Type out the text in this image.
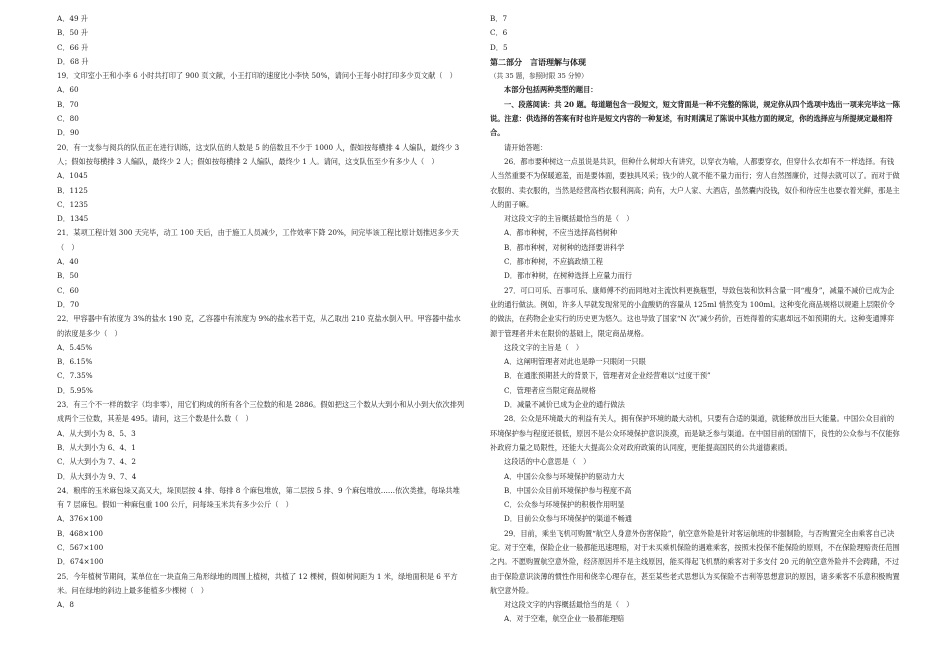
A．49 升
B．50 升
C．66 升
D．68 升
19．文印室小王和小李 6 小时共打印了 900 页文献，小王打印的速度比小李快 50%，请问小王每小时打印多少页文献（　）
A．60
B．70
C．80
D．90
20．有一支参与阅兵的队伍正在进行训练，这支队伍的人数是 5 的倍数且不少于 1000 人，假如按每横排 4 人编队，最终少 3 人；假如按每横排 3 人编队，最终少 2 人；假如按每横排 2 人编队，最终少 1 人。请问，这支队伍至少有多少人（　）
A．1045
B．1125
C．1235
D．1345
21．某项工程计划 300 天完毕，动工 100 天后，由于施工人员减少，工作效率下降 20%，问完毕该工程比原计划推迟多少天（　）
A．40
B．50
C．60
D．70
22．甲容器中有浓度为 3%的盐水 190 克，乙容器中有浓度为 9%的盐水若干克，从乙取出 210 克盐水倒入甲。甲容器中盐水的浓度是多少（　）
A．5.45%
B．6.15%
C．7.35%
D．5.95%
23．有三个不一样的数字（均非零），用它们构成的所有各个三位数的和是 2886。假如把这三个数从大到小和从小到大依次排列成两个三位数，其差是 495。请问，这三个数是什么数（　）
A．从大到小为 8、5、3
B．从大到小为 6、4、1
C．从大到小为 7、4、2
D．从大到小为 9、7、4
24．粮库的玉米麻包垛又高又大，垛顶层按 4 排、每排 8 个麻包堆放，第二层按 5 排、9 个麻包堆放……依次类推，每垛共堆有 7 层麻包。假如一种麻包重 100 公斤，问每垛玉米共有多少公斤（　）
A．376×100
B．468×100
C．567×100
D．674×100
25．今年植树节期间，某单位在一块直角三角形绿地的周围上植树，共植了 12 棵树，假如树间距为 1 米，绿地面积是 6 平方米。问在绿地的斜边上最多能植多少棵树（　）
A．8
B．7
C．6
D．5
第二部分　言语理解与体现
（共 35 题，参照时限 35 分钟）
本部分包括两种类型的题目：
一、段落阅读：共 20 题。每道题包含一段短文，短文背面是一种不完整的陈说，规定你从四个选项中选出一项来完毕这一陈说。注意：供选择的答案有时也许是短文内容的一种复述，有时则满足了陈说中其他方面的规定，你的选择应与所提规定最相符合。
请开始答题：
26．都市要种树这一点虽说是共识，但种什么树却大有讲究，以穿衣为喻，人都要穿衣，但穿什么衣却有不一样选择。有钱人当然重要不为保暖遮羞，而是要体面，要独具风采；钱少的人就不能不量力而行；穷人自然图廉价，过得去就可以了。而对于做衣服的、卖衣服的，当然是经营高档衣服利润高；尚有，大户人家、大酒店，虽然囊内没钱，奴仆和待应生也要衣着光鲜，那是主人的面子嘛。
对这段文字的主旨概括最恰当的是（　）
A．都市种树，不应当选择高档树种
B．都市种树，对树种的选择要讲科学
C．都市种树，不应搞政绩工程
D．都市种树，在树种选择上应量力而行
27．可口可乐、百事可乐、康师傅不约而同地对主流饮料更换瓶型，导致包装和饮料含量一同“瘦身”，减量不减价已成为企业的通行做法。例如，许多人早就发现常见的小盒酸奶的容量从 125ml 悄然变为 100ml。这种变化商品规格以规避上层限价令的做法，在药物企业实行的历史更为悠久。这也导致了国家“N 次”减少药价，百姓得着的实惠却远不如预期的大。这种变通博弈源于管理者并未在限价的基础上，限定商品规格。
这段文字的主旨是（　）
A．这阐明管理者对此也是睁一只眼闭一只眼
B．在通胀预期甚大的背景下，管理者对企业经营难以“过度干预”
C．管理者应当限定商品规格
D．减量不减价已成为企业的通行做法
28．公众是环境最大的利益有关人，拥有保护环境的最大动机，只要有合适的渠道，就能释放出巨大能量。中国公众目前的环境保护参与程度还很低，原因不是公众环境保护意识淡漠，而是缺乏参与渠道。在中国目前的国情下，良性的公众参与不仅能弥补政府力量之局限性，还能大大提高公众对政府政策的认同度，更能提高国民的公共道德素质。
这段话的中心意思是（　）
A．中国公众参与环境保护的驱动力大
B．中国公众目前环境保护参与程度不高
C．公众参与环境保护的积极作用明显
D．目前公众参与环境保护的渠道不畅通
29．目前，乘坐飞机可购置“航空人身意外伤害保险”，航空意外险是针对客运航班的非强制险，与否购置完全由乘客自己决定。对于空难，保险企业一般都能迅速理赔，对于未买乘机保险的遇难乘客，按照未投保不能保险的原则，不在保险理赔责任范围之内。不愿购置航空意外险，经济原因并不是主线原因，能买得起飞机票的乘客对于多支付 20 元的航空意外险并不会踌躇，不过由于保险意识淡薄的惯性作用和侥幸心理存在，甚至某些老式思想认为买保险不吉利等思想意识的原因，诸多乘客不乐意积极购置航空意外险。
对这段文字的内容概括最恰当的是（　）
A．对于空难，航空企业一般都能理赔
